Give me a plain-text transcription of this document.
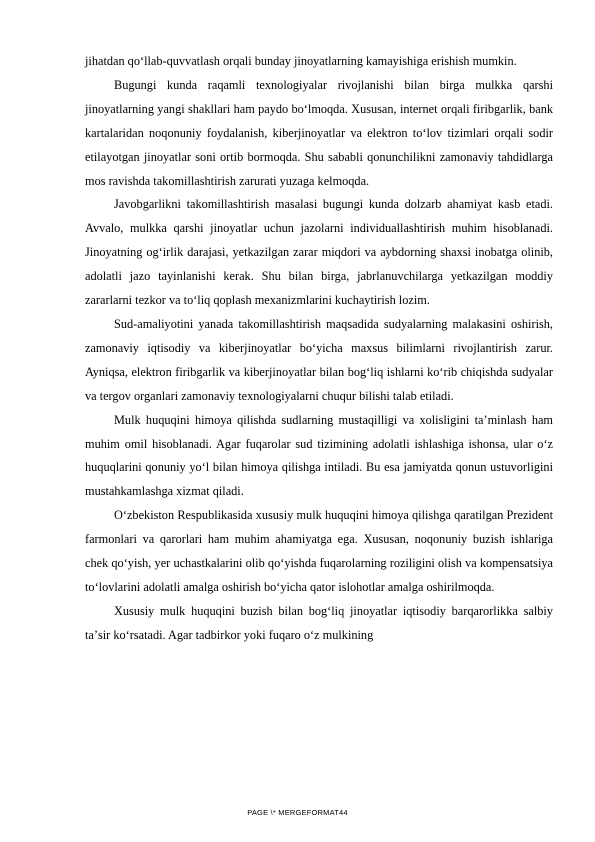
jihatdan qoʻllab-quvvatlash orqali bunday jinoyatlarning kamayishiga erishish mumkin.

Bugungi kunda raqamli texnologiyalar rivojlanishi bilan birga mulkka qarshi jinoyatlarning yangi shakllari ham paydo boʻlmoqda. Xususan, internet orqali firibgarlik, bank kartalaridan noqonuniy foydalanish, kiberjinoyatlar va elektron toʻlov tizimlari orqali sodir etilayotgan jinoyatlar soni ortib bormoqda. Shu sababli qonunchilikni zamonaviy tahdidlarga mos ravishda takomillashtirish zarurati yuzaga kelmoqda.

Javobgarlikni takomillashtirish masalasi bugungi kunda dolzarb ahamiyat kasb etadi. Avvalo, mulkka qarshi jinoyatlar uchun jazolarni individuallashtirish muhim hisoblanadi. Jinoyatning ogʻirlik darajasi, yetkazilgan zarar miqdori va aybdorning shaxsi inobatga olinib, adolatli jazo tayinlanishi kerak. Shu bilan birga, jabrlanuvchilarga yetkazilgan moddiy zararlarni tezkor va toʻliq qoplash mexanizmlarini kuchaytirish lozim.

Sud-amaliyotini yanada takomillashtirish maqsadida sudyalarning malakasini oshirish, zamonaviy iqtisodiy va kiberjinoyatlar boʻyicha maxsus bilimlarni rivojlantirish zarur. Ayniqsa, elektron firibgarlik va kiberjinoyatlar bilan bogʻliq ishlarni koʻrib chiqishda sudyalar va tergov organlari zamonaviy texnologiyalarni chuqur bilishi talab etiladi.

Mulk huquqini himoya qilishda sudlarning mustaqilligi va xolisligini taʼminlash ham muhim omil hisoblanadi. Agar fuqarolar sud tizimining adolatli ishlashiga ishonsa, ular oʻz huquqlarini qonuniy yoʻl bilan himoya qilishga intiladi. Bu esa jamiyatda qonun ustuvorligini mustahkamlashga xizmat qiladi.

Oʻzbekiston Respublikasida xususiy mulk huquqini himoya qilishga qaratilgan Prezident farmonlari va qarorlari ham muhim ahamiyatga ega. Xususan, noqonuniy buzish ishlariga chek qoʻyish, yer uchastkalarini olib qoʻyishda fuqarolarning roziligini olish va kompensatsiya toʻlovlarini adolatli amalga oshirish boʻyicha qator islohotlar amalga oshirilmoqda.

Xususiy mulk huquqini buzish bilan bogʻliq jinoyatlar iqtisodiy barqarorlikka salbiy taʼsir koʻrsatadi. Agar tadbirkor yoki fuqaro oʻz mulkining

PAGE \* MERGEFORMAT44
